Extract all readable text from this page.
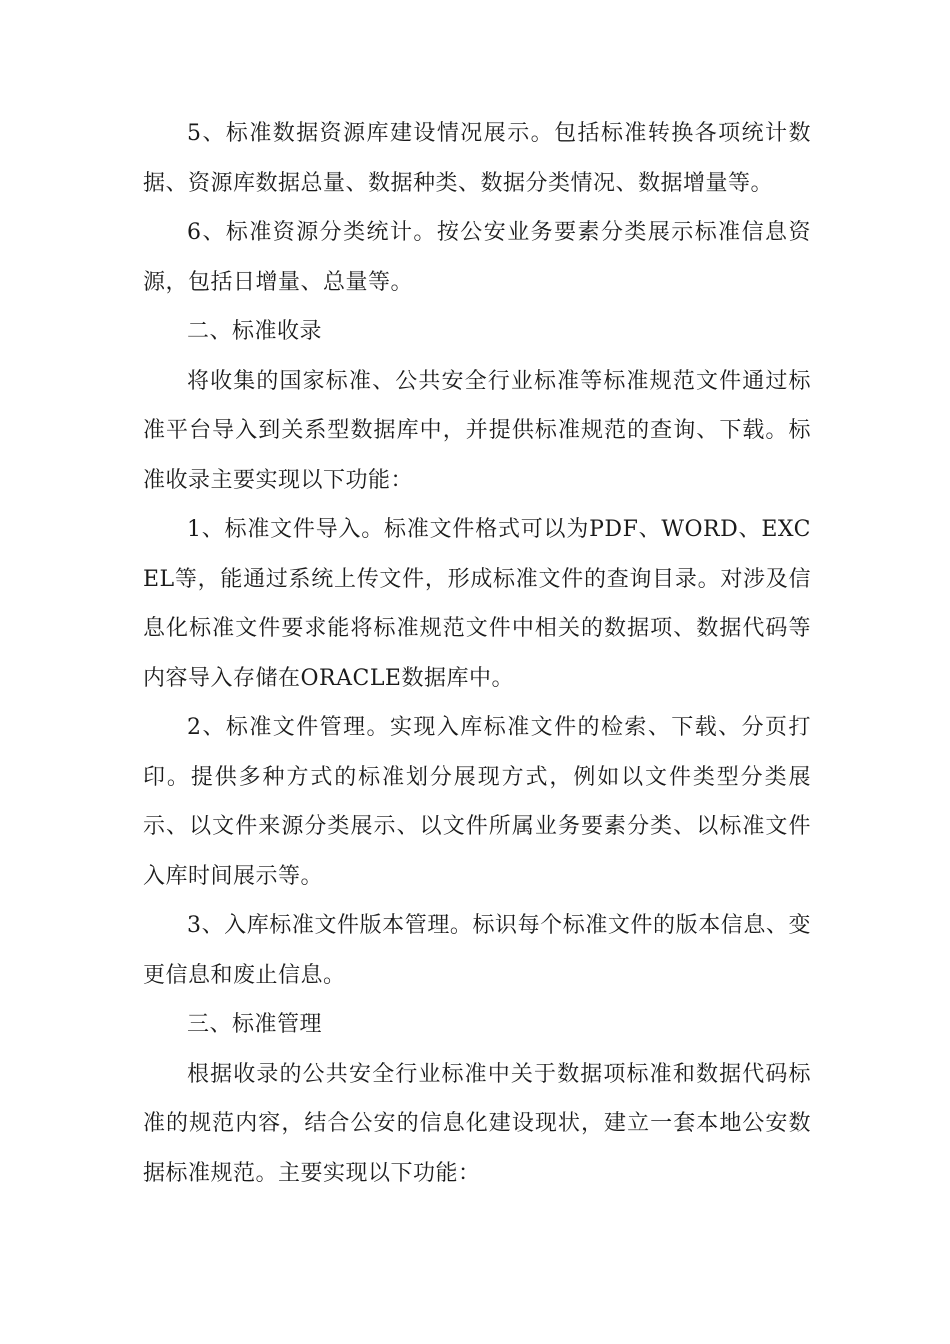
5、标准数据资源库建设情况展示。包括标准转换各项统计数据、资源库数据总量、数据种类、数据分类情况、数据增量等。

6、标准资源分类统计。按公安业务要素分类展示标准信息资源，包括日增量、总量等。

二、标准收录

将收集的国家标准、公共安全行业标准等标准规范文件通过标准平台导入到关系型数据库中，并提供标准规范的查询、下载。标准收录主要实现以下功能：

1、标准文件导入。标准文件格式可以为PDF、WORD、EXCEL等，能通过系统上传文件，形成标准文件的查询目录。对涉及信息化标准文件要求能将标准规范文件中相关的数据项、数据代码等内容导入存储在ORACLE数据库中。

2、标准文件管理。实现入库标准文件的检索、下载、分页打印。提供多种方式的标准划分展现方式，例如以文件类型分类展示、以文件来源分类展示、以文件所属业务要素分类、以标准文件入库时间展示等。

3、入库标准文件版本管理。标识每个标准文件的版本信息、变更信息和废止信息。

三、标准管理

根据收录的公共安全行业标准中关于数据项标准和数据代码标准的规范内容，结合公安的信息化建设现状，建立一套本地公安数据标准规范。主要实现以下功能：
